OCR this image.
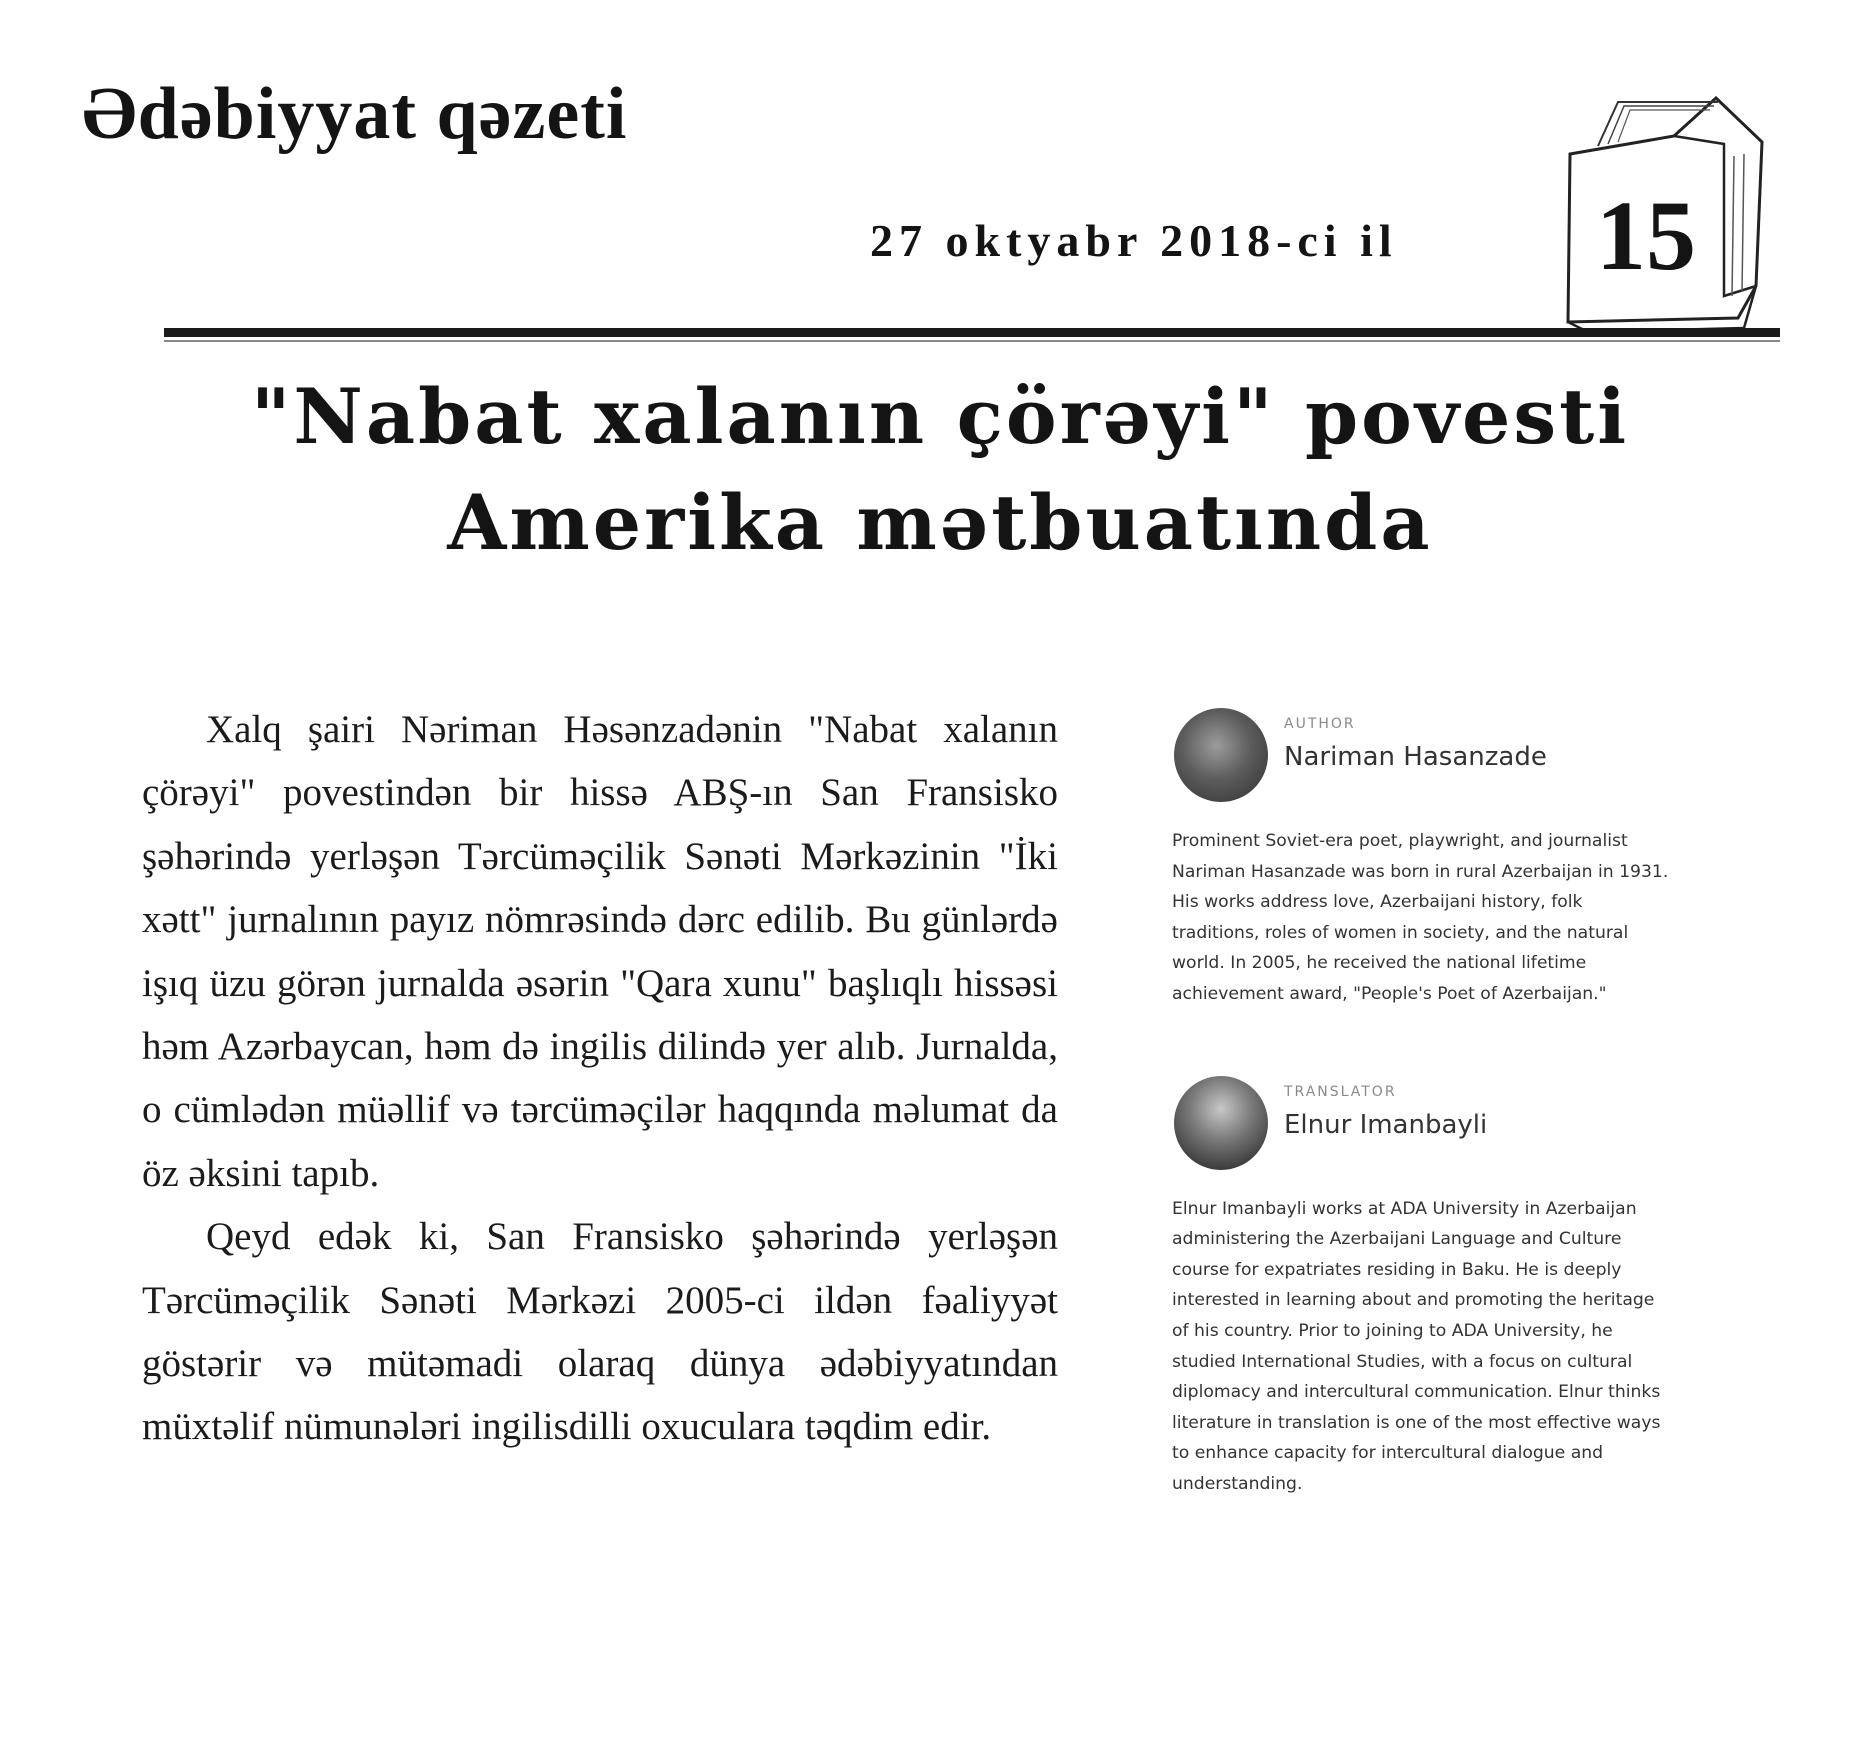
Ədəbiyyat qəzeti
27 oktyabr 2018-ci il 15
"Nabat xalanın çörəyi" povesti
Amerika mətbuatında

Xalq şairi Nəriman Həsənzadənin "Nabat xalanın çörəyi" povestindən bir hissə ABŞ-ın San Fransisko şəhərində yerləşən Tərcüməçilik Sənəti Mərkəzinin "İki xətt" jurnalının payız nömrəsində dərc edilib. Bu günlərdə işıq üzu görən jurnalda əsərin "Qara xunu" başlıqlı hissəsi həm Azərbaycan, həm də ingilis dilində yer alıb. Jurnalda, o cümlədən müəllif və tərcüməçilər haqqında məlumat da öz əksini tapıb.

Qeyd edək ki, San Fransisko şəhərində yerləşən Tərcüməçilik Sənəti Mərkəzi 2005-ci ildən fəaliyyət göstərir və mütəmadi olaraq dünya ədəbiyyatından müxtəlif nümunələri ingilisdilli oxuculara təqdim edir.

AUTHOR
Nariman Hasanzade
Prominent Soviet-era poet, playwright, and journalist Nariman Hasanzade was born in rural Azerbaijan in 1931. His works address love, Azerbaijani history, folk traditions, roles of women in society, and the natural world. In 2005, he received the national lifetime achievement award, "People's Poet of Azerbaijan."
TRANSLATOR
Elnur Imanbayli
Elnur Imanbayli works at ADA University in Azerbaijan administering the Azerbaijani Language and Culture course for expatriates residing in Baku. He is deeply interested in learning about and promoting the heritage of his country. Prior to joining to ADA University, he studied International Studies, with a focus on cultural diplomacy and intercultural communication. Elnur thinks literature in translation is one of the most effective ways to enhance capacity for intercultural dialogue and understanding.
